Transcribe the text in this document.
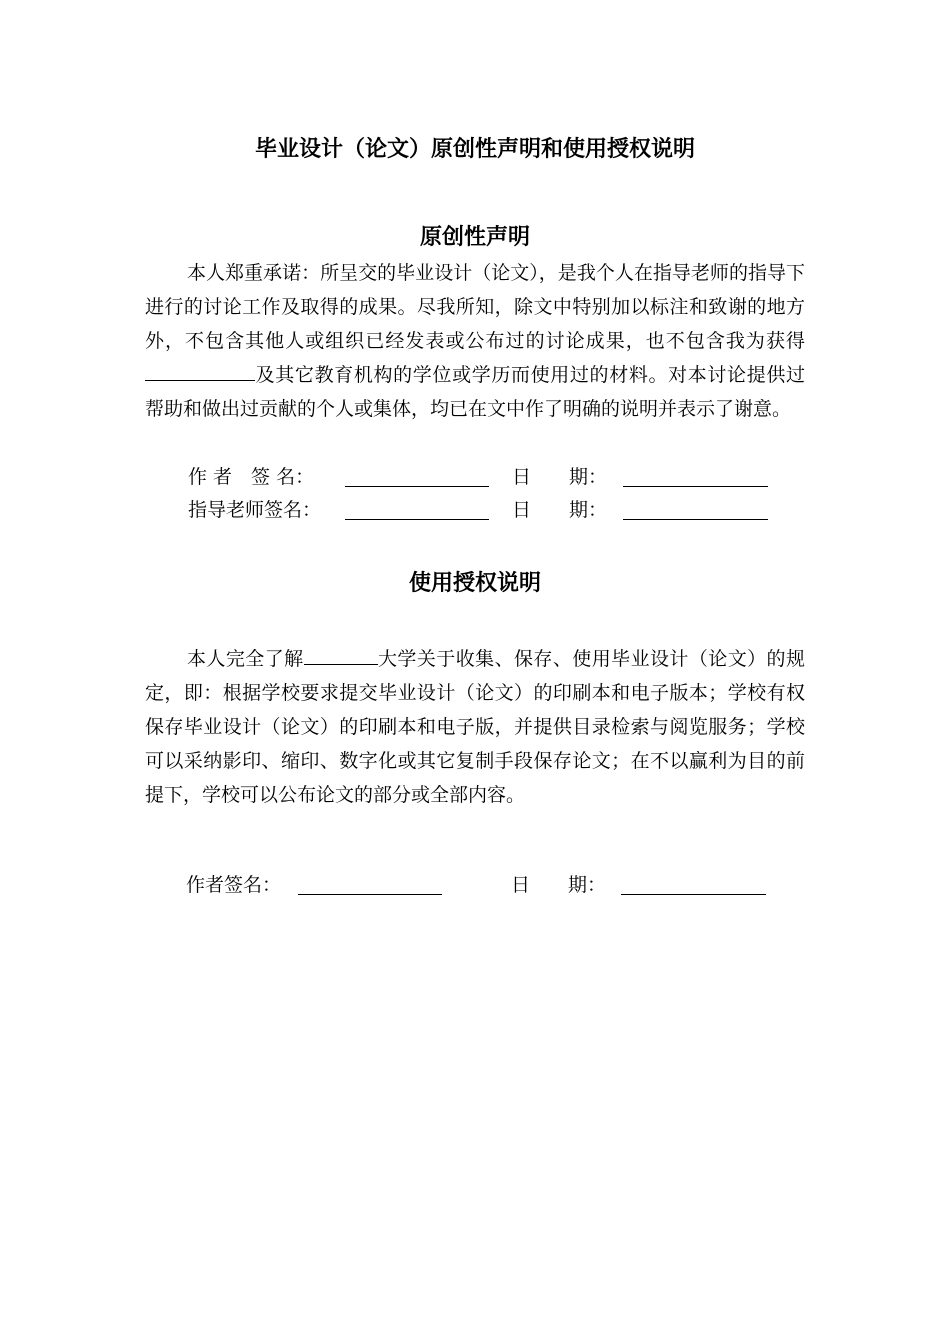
毕业设计（论文）原创性声明和使用授权说明
原创性声明

本人郑重承诺：所呈交的毕业设计（论文），是我个人在指导老师的指导下进行的讨论工作及取得的成果。尽我所知，除文中特别加以标注和致谢的地方外，不包含其他人或组织已经发表或公布过的讨论成果，也不包含我为获得及其它教育机构的学位或学历而使用过的材料。对本讨论提供过帮助和做出过贡献的个人或集体，均已在文中作了明确的说明并表示了谢意。

作 者　签 名：	日　　期：
指导老师签名：	日　　期：
使用授权说明

本人完全了解	大学关于收集、保存、使用毕业设计（论文）的规定，即：根据学校要求提交毕业设计（论文）的印刷本和电子版本；学校有权保存毕业设计（论文）的印刷本和电子版，并提供目录检索与阅览服务；学校可以采纳影印、缩印、数字化或其它复制手段保存论文；在不以赢利为目的前提下，学校可以公布论文的部分或全部内容。

作者签名：	日　　期：
